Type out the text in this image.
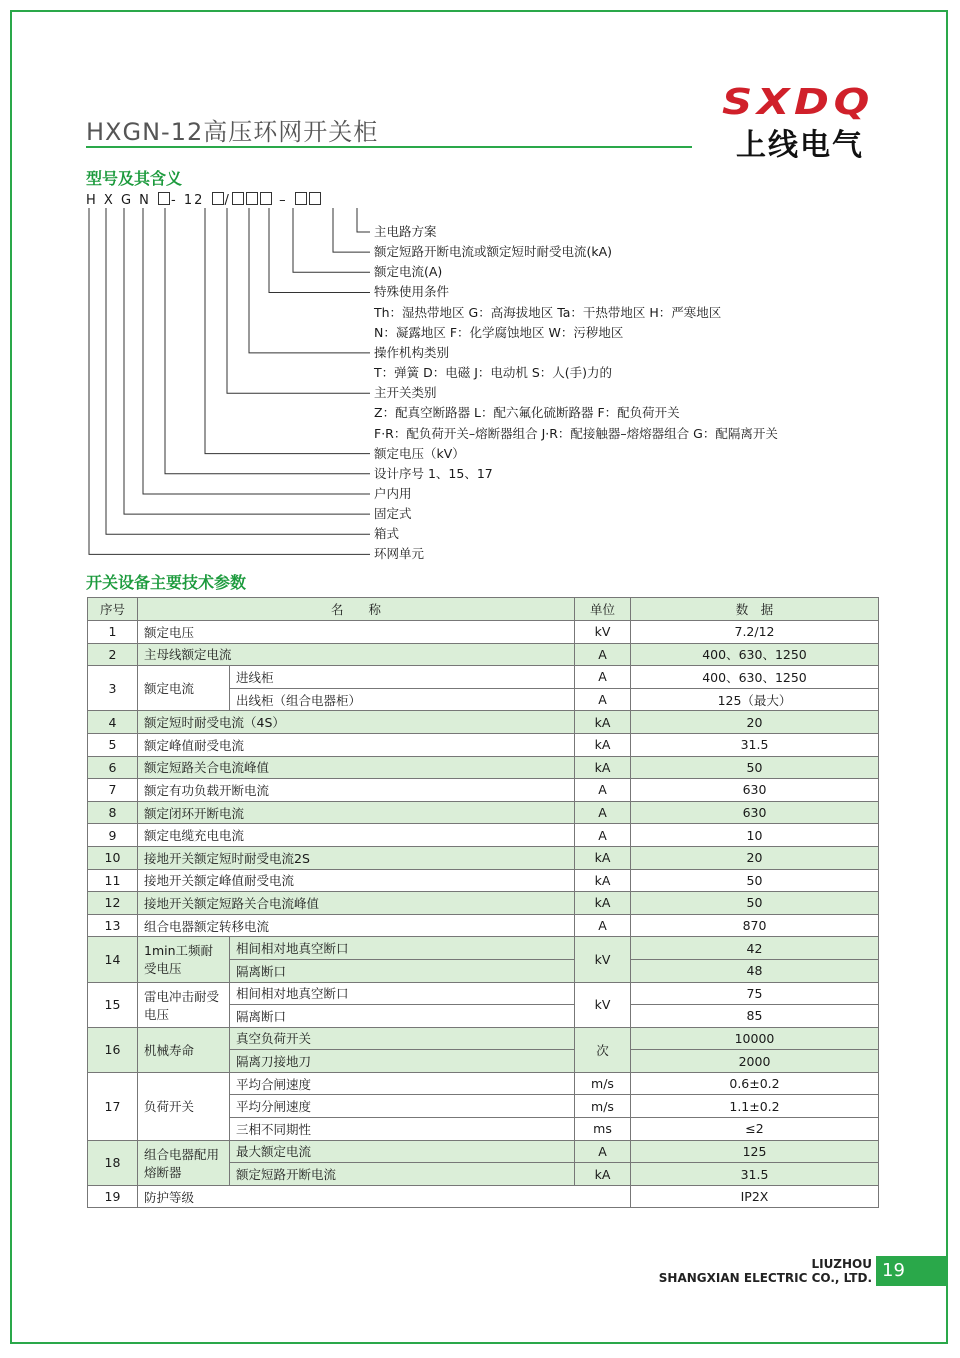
HXGN-12高压环网开关柜
SXDQ
上线电气
型号及其含义
H X G N - 12 /	–
主电路方案
额定短路开断电流或额定短时耐受电流(kA)
额定电流(A)
特殊使用条件
Th：湿热带地区 G：高海拔地区 Ta：干热带地区 H：严寒地区
N：凝露地区 F：化学腐蚀地区 W：污秽地区
操作机构类别
T：弹簧 D：电磁 J：电动机 S：人(手)力的
主开关类别
Z：配真空断路器 L：配六氟化硫断路器 F：配负荷开关
F·R：配负荷开关–熔断器组合 J·R：配接触器–熔熔器组合 G：配隔离开关
额定电压（kV）
设计序号 1、15、17
户内用
固定式
箱式
环网单元
开关设备主要技术参数
序号	名　　称		单位	数　据
1	额定电压		kV	7.2/12
2	主母线额定电流		A	400、630、1250
3	额定电流	进线柜	A	400、630、1250
		出线柜（组合电器柜）	A	125（最大）
4	额定短时耐受电流（4S）		kA	20
5	额定峰值耐受电流		kA	31.5
6	额定短路关合电流峰值		kA	50
7	额定有功负载开断电流		A	630
8	额定闭环开断电流		A	630
9	额定电缆充电电流		A	10
10	接地开关额定短时耐受电流2S		kA	20
11	接地开关额定峰值耐受电流		kA	50
12	接地开关额定短路关合电流峰值		kA	50
13	组合电器额定转移电流		A	870
14	1min工频耐受电压	相间相对地真空断口	kV	42
		隔离断口		48
15	雷电冲击耐受电压	相间相对地真空断口	kV	75
		隔离断口		85
16	机械寿命	真空负荷开关	次	10000
		隔离刀接地刀		2000
17	负荷开关	平均合闸速度	m/s	0.6±0.2
		平均分闸速度	m/s	1.1±0.2
		三相不同期性	ms	≤2
18	组合电器配用熔断器	最大额定电流	A	125
		额定短路开断电流	kA	31.5
19	防护等级			IP2X
LIUZHOU
SHANGXIAN ELECTRIC CO., LTD. 19
